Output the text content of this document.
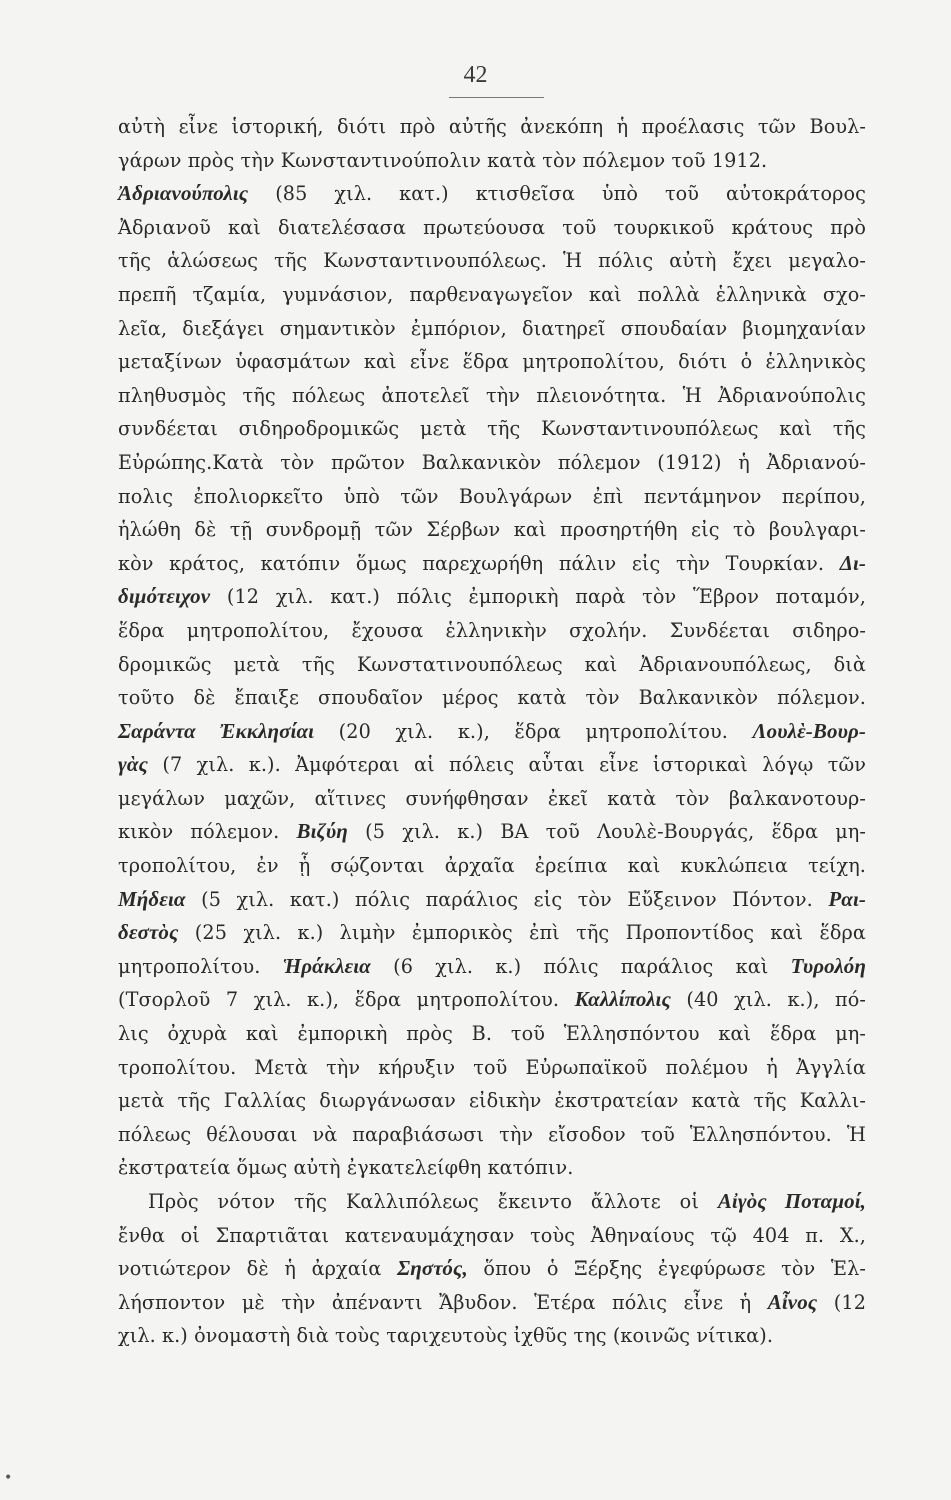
42
αὐτὴ εἶνε ἱστορική, διότι πρὸ αὐτῆς ἀνεκόπη ἡ προέλασις τῶν Βουλ-
γάρων πρὸς τὴν Κωνσταντινούπολιν κατὰ τὸν πόλεμον τοῦ 1912.
Ἀδριανούπολις (85 χιλ. κατ.) κτισθεῖσα ὑπὸ τοῦ αὐτοκράτορος
Ἀδριανοῦ καὶ διατελέσασα πρωτεύουσα τοῦ τουρκικοῦ κράτους πρὸ
τῆς ἁλώσεως τῆς Κωνσταντινουπόλεως. Ἡ πόλις αὐτὴ ἔχει μεγαλο-
πρεπῆ τζαμία, γυμνάσιον, παρθεναγωγεῖον καὶ πολλὰ ἑλληνικὰ σχο-
λεῖα, διεξάγει σημαντικὸν ἐμπόριον, διατηρεῖ σπουδαίαν βιομηχανίαν
μεταξίνων ὑφασμάτων καὶ εἶνε ἕδρα μητροπολίτου, διότι ὁ ἑλληνικὸς
πληθυσμὸς τῆς πόλεως ἀποτελεῖ τὴν πλειονότητα. Ἡ Ἀδριανούπολις
συνδέεται σιδηροδρομικῶς μετὰ τῆς Κωνσταντινουπόλεως καὶ τῆς
Εὐρώπης.Κατὰ τὸν πρῶτον Βαλκανικὸν πόλεμον (1912) ἡ Ἀδριανού-
πολις ἐπολιορκεῖτο ὑπὸ τῶν Βουλγάρων ἐπὶ πεντάμηνον περίπου,
ἡλώθη δὲ τῇ συνδρομῇ τῶν Σέρβων καὶ προσηρτήθη εἰς τὸ βουλγαρι-
κὸν κράτος, κατόπιν ὅμως παρεχωρήθη πάλιν εἰς τὴν Τουρκίαν. Δι-
διμότειχον (12 χιλ. κατ.) πόλις ἐμπορικὴ παρὰ τὸν Ἕβρον ποταμόν,
ἕδρα μητροπολίτου, ἔχουσα ἑλληνικὴν σχολήν. Συνδέεται σιδηρο-
δρομικῶς μετὰ τῆς Κωνστατινουπόλεως καὶ Ἀδριανουπόλεως, διὰ
τοῦτο δὲ ἔπαιξε σπουδαῖον μέρος κατὰ τὸν Βαλκανικὸν πόλεμον.
Σαράντα Ἐκκλησίαι (20 χιλ. κ.), ἕδρα μητροπολίτου. Λουλὲ-Βουρ-
γὰς (7 χιλ. κ.). Ἀμφότεραι αἱ πόλεις αὗται εἶνε ἱστορικαὶ λόγῳ τῶν
μεγάλων μαχῶν, αἵτινες συνήφθησαν ἐκεῖ κατὰ τὸν βαλκανοτουρ-
κικὸν πόλεμον. Βιζύη (5 χιλ. κ.) ΒΑ τοῦ Λουλὲ-Βουργάς, ἕδρα μη-
τροπολίτου, ἐν ᾗ σῴζονται ἀρχαῖα ἐρείπια καὶ κυκλώπεια τείχη.
Μήδεια (5 χιλ. κατ.) πόλις παράλιος εἰς τὸν Εὔξεινον Πόντον. Ραι-
δεστὸς (25 χιλ. κ.) λιμὴν ἐμπορικὸς ἐπὶ τῆς Προποντίδος καὶ ἕδρα
μητροπολίτου. Ἡράκλεια (6 χιλ. κ.) πόλις παράλιος καὶ Τυρολόη
(Τσορλοῦ 7 χιλ. κ.), ἕδρα μητροπολίτου. Καλλίπολις (40 χιλ. κ.), πό-
λις ὀχυρὰ καὶ ἐμπορικὴ πρὸς Β. τοῦ Ἑλλησπόντου καὶ ἕδρα μη-
τροπολίτου. Μετὰ τὴν κήρυξιν τοῦ Εὐρωπαϊκοῦ πολέμου ἡ Ἀγγλία
μετὰ τῆς Γαλλίας διωργάνωσαν εἰδικὴν ἐκστρατείαν κατὰ τῆς Καλλι-
πόλεως θέλουσαι νὰ παραβιάσωσι τὴν εἴσοδον τοῦ Ἑλλησπόντου. Ἡ
ἐκστρατεία ὅμως αὐτὴ ἐγκατελείφθη κατόπιν.
Πρὸς νότον τῆς Καλλιπόλεως ἔκειντο ἄλλοτε οἱ Αἰγὸς Ποταμοί,
ἔνθα οἱ Σπαρτιᾶται κατεναυμάχησαν τοὺς Ἀθηναίους τῷ 404 π. Χ.,
νοτιώτερον δὲ ἡ ἀρχαία Σηστός, ὅπου ὁ Ξέρξης ἐγεφύρωσε τὸν Ἑλ-
λήσποντον μὲ τὴν ἀπέναντι Ἄβυδον. Ἑτέρα πόλις εἶνε ἡ Αἶνος (12
χιλ. κ.) ὀνομαστὴ διὰ τοὺς ταριχευτοὺς ἰχθῦς της (κοινῶς νίτικα).
•
